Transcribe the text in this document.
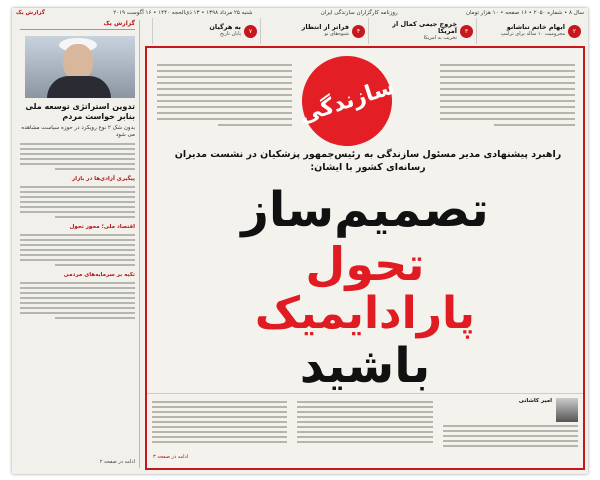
سال ۸ • شماره ۲۰۵۰ • ۱۶ صفحه • ۱۰ هزار تومان
روزنامه کارگزاران سازندگی ایران
شنبه ۲۵ مرداد ۱۳۹۸ • ۱۳ ذی‌الحجه ۱۴۴۰ • ۱۶ آگوست ۲۰۱۹
گزارش یک
۲
ابهام خاتم تناشانو
محرومیت ۱۰ ساله برای ترامپ
۳
خروج جیمی کمال از آمریکا
تخریب به امریکا
۴
فراتر از انتظار
شیوه‌های نو
۷
به هرگیان
پایان تاریخ
گزارش یک
تدوین استراتژی توسعه ملی بنابر خواست مردم
بدون شک ۲ نوع رویکرد در حوزه سیاست مشاهده می شود
پیگیری آزادی‌ها در بازار
اقتصاد ملی؛ محور تحول
تکیه بر سرمایه‌های مردمی
ادامه در صفحه ۲
سازندگی
راهبرد پیشنهادی مدیر مسئول سازندگی به رئیس‌جمهور پزشکیان در نشست مدیران رسانه‌ای کشور با ایشان:
تصمیم‌ساز
تحول
پارادایمیک
باشید
امیر کاشانی
ادامه در صفحه ۳
